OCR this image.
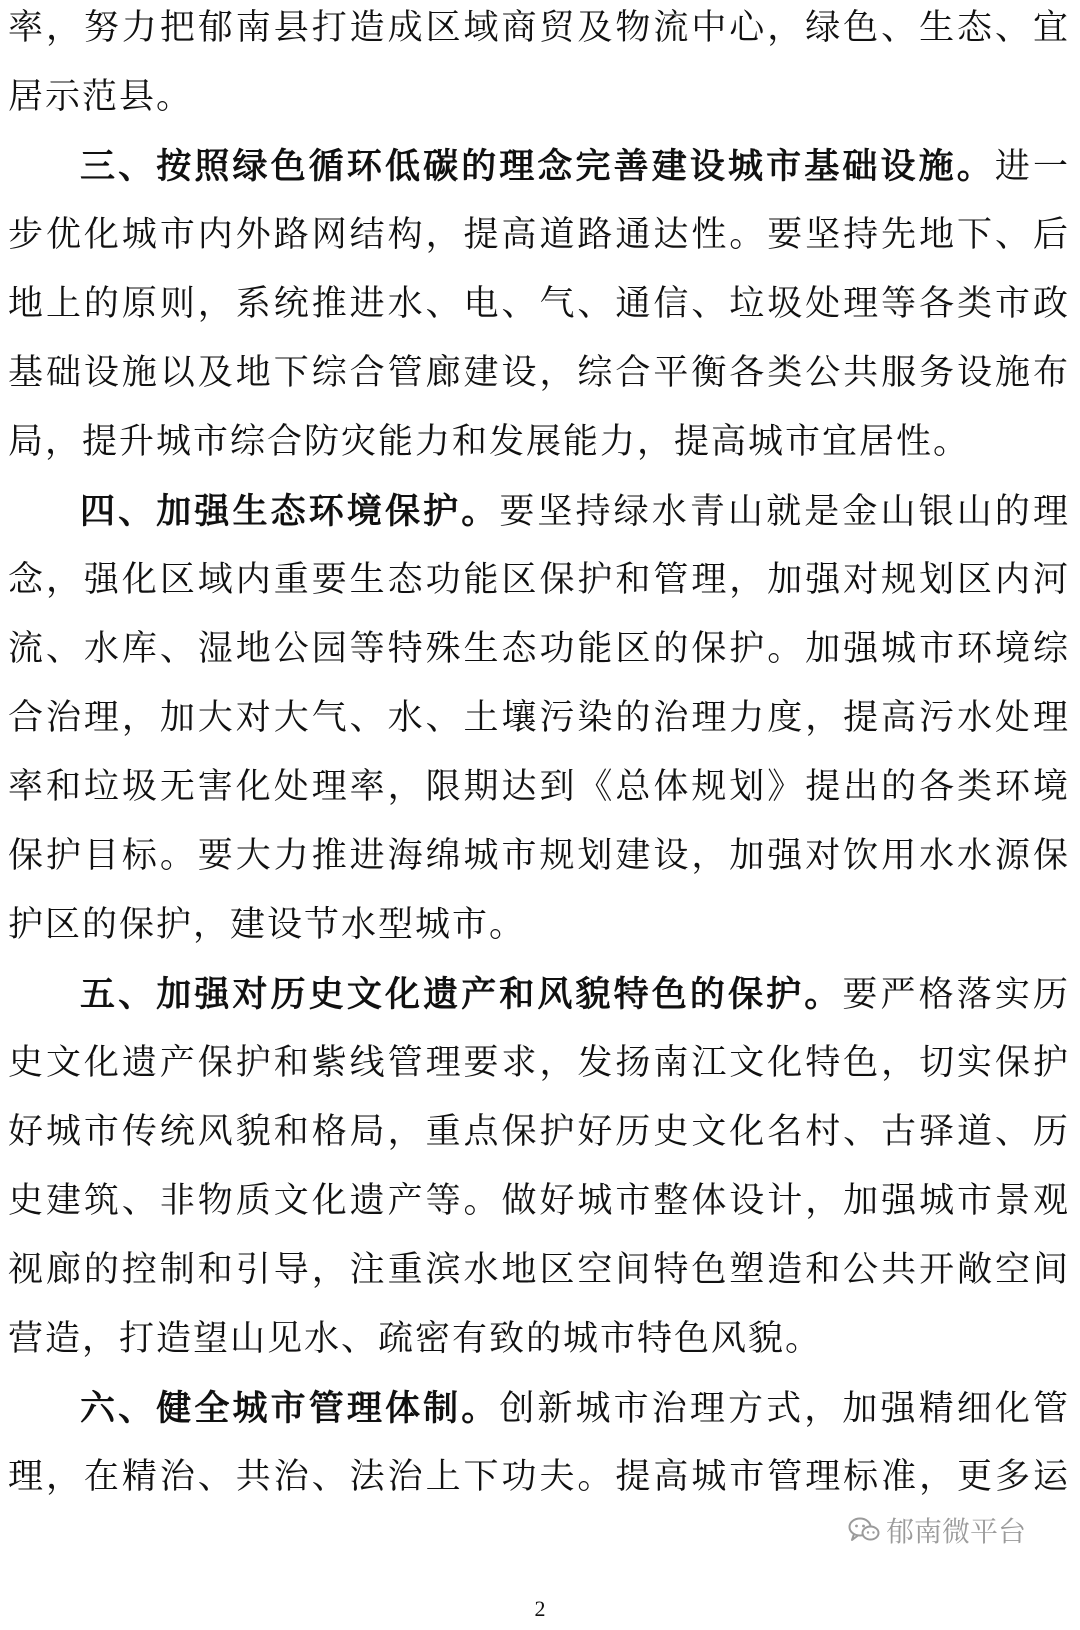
率，努力把郁南县打造成区域商贸及物流中心，绿色、生态、宜
居示范县。
三、按照绿色循环低碳的理念完善建设城市基础设施。进一
步优化城市内外路网结构，提高道路通达性。要坚持先地下、后
地上的原则，系统推进水、电、气、通信、垃圾处理等各类市政
基础设施以及地下综合管廊建设，综合平衡各类公共服务设施布
局，提升城市综合防灾能力和发展能力，提高城市宜居性。
四、加强生态环境保护。要坚持绿水青山就是金山银山的理
念，强化区域内重要生态功能区保护和管理，加强对规划区内河
流、水库、湿地公园等特殊生态功能区的保护。加强城市环境综
合治理，加大对大气、水、土壤污染的治理力度，提高污水处理
率和垃圾无害化处理率，限期达到《总体规划》提出的各类环境
保护目标。要大力推进海绵城市规划建设，加强对饮用水水源保
护区的保护，建设节水型城市。
五、加强对历史文化遗产和风貌特色的保护。要严格落实历
史文化遗产保护和紫线管理要求，发扬南江文化特色，切实保护
好城市传统风貌和格局，重点保护好历史文化名村、古驿道、历
史建筑、非物质文化遗产等。做好城市整体设计，加强城市景观
视廊的控制和引导，注重滨水地区空间特色塑造和公共开敞空间
营造，打造望山见水、疏密有致的城市特色风貌。
六、健全城市管理体制。创新城市治理方式，加强精细化管
理，在精治、共治、法治上下功夫。提高城市管理标准，更多运
郁南微平台
2
